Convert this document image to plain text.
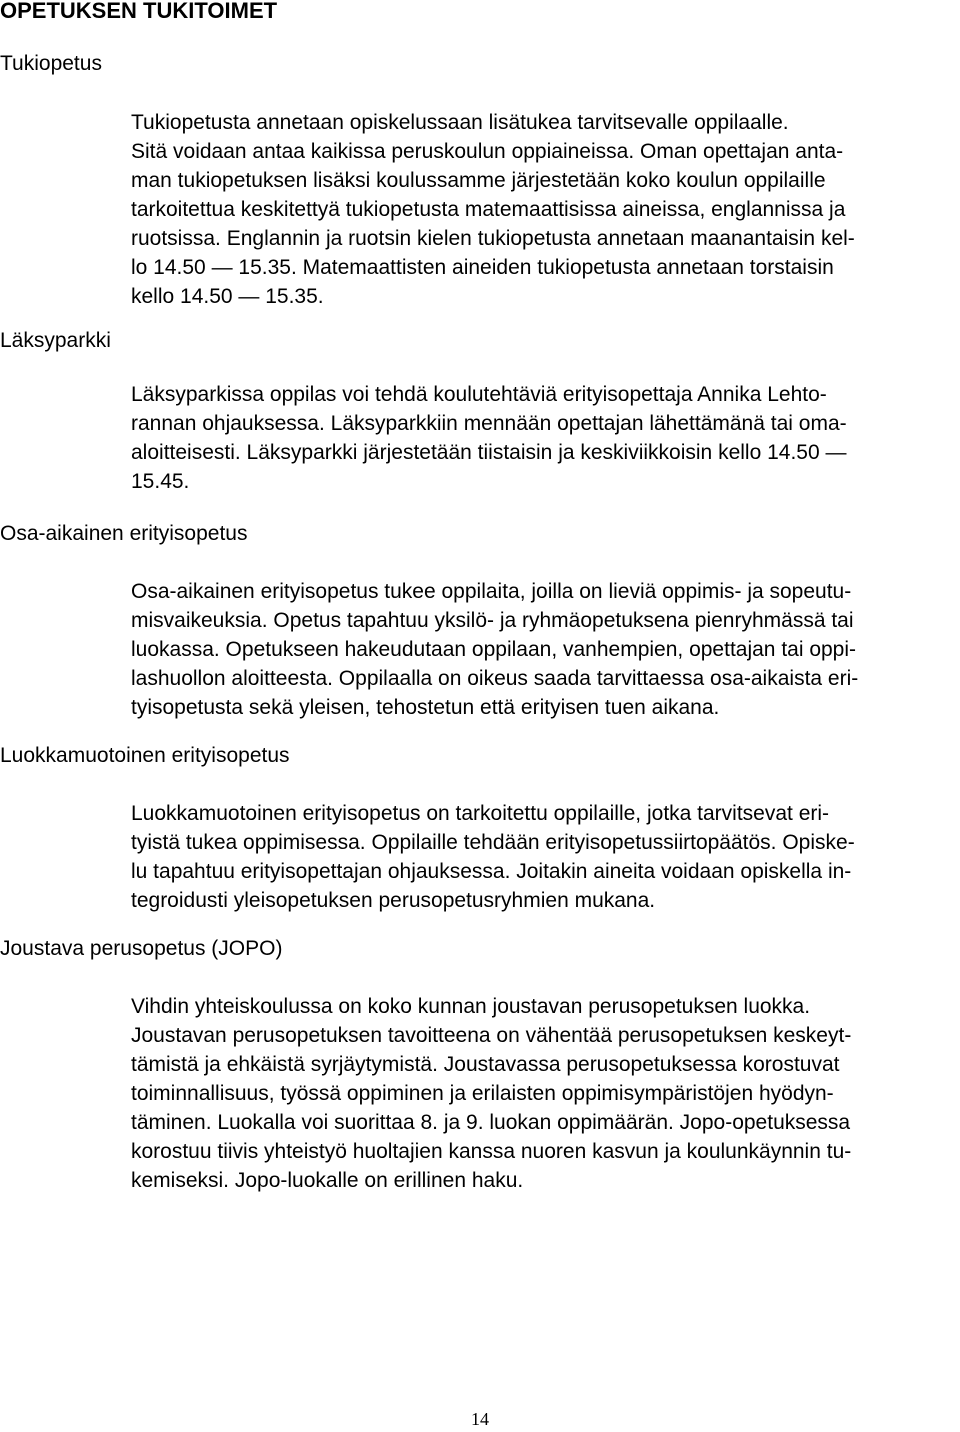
OPETUKSEN TUKITOIMET
Tukiopetus

Tukiopetusta annetaan opiskelussaan lisätukea tarvitsevalle oppilaalle.
Sitä voidaan antaa kaikissa peruskoulun oppiaineissa. Oman opettajan anta-
man tukiopetuksen lisäksi koulussamme järjestetään koko koulun oppilaille
tarkoitettua keskitettyä tukiopetusta matemaattisissa aineissa, englannissa ja
ruotsissa. Englannin ja ruotsin kielen tukiopetusta annetaan maanantaisin kel-
lo 14.50 — 15.35. Matemaattisten aineiden tukiopetusta annetaan torstaisin
kello 14.50 — 15.35.

Läksyparkki

Läksyparkissa oppilas voi tehdä koulutehtäviä erityisopettaja Annika Lehto-
rannan ohjauksessa. Läksyparkkiin mennään opettajan lähettämänä tai oma-
aloitteisesti. Läksyparkki järjestetään tiistaisin ja keskiviikkoisin kello 14.50 —
15.45.

Osa-aikainen erityisopetus

Osa-aikainen erityisopetus tukee oppilaita, joilla on lieviä oppimis- ja sopeutu-
misvaikeuksia. Opetus tapahtuu yksilö- ja ryhmäopetuksena pienryhmässä tai
luokassa. Opetukseen hakeudutaan oppilaan, vanhempien, opettajan tai oppi-
lashuollon aloitteesta. Oppilaalla on oikeus saada tarvittaessa osa-aikaista eri-
tyisopetusta sekä yleisen, tehostetun että erityisen tuen aikana.

Luokkamuotoinen erityisopetus

Luokkamuotoinen erityisopetus on tarkoitettu oppilaille, jotka tarvitsevat eri-
tyistä tukea oppimisessa. Oppilaille tehdään erityisopetussiirtopäätös. Opiske-
lu tapahtuu erityisopettajan ohjauksessa. Joitakin aineita voidaan opiskella in-
tegroidusti yleisopetuksen perusopetusryhmien mukana.

Joustava perusopetus (JOPO)

Vihdin yhteiskoulussa on koko kunnan joustavan perusopetuksen luokka.
Joustavan perusopetuksen tavoitteena on vähentää perusopetuksen keskeyt-
tämistä ja ehkäistä syrjäytymistä. Joustavassa perusopetuksessa korostuvat
toiminnallisuus, työssä oppiminen ja erilaisten oppimisympäristöjen hyödyn-
täminen. Luokalla voi suorittaa 8. ja 9. luokan oppimäärän. Jopo-opetuksessa
korostuu tiivis yhteistyö huoltajien kanssa nuoren kasvun ja koulunkäynnin tu-
kemiseksi. Jopo-luokalle on erillinen haku.

14
